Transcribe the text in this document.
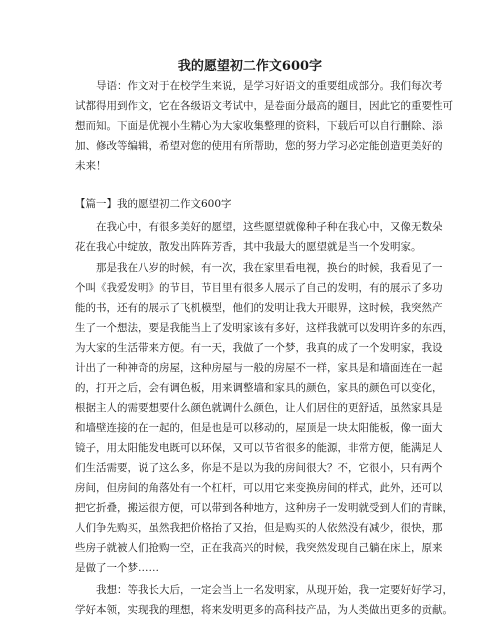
我的愿望初二作文600字
　　导语：作文对于在校学生来说，是学习好语文的重要组成部分。我们每次考
试都得用到作文，它在各级语文考试中，是卷面分最高的题目，因此它的重要性可
想而知。下面是优视小生精心为大家收集整理的资料，下载后可以自行删除、添
加、修改等编辑，希望对您的使用有所帮助，您的努力学习必定能创造更美好的
未来！
【篇一】我的愿望初二作文600字
　　在我心中，有很多美好的愿望，这些愿望就像种子种在我心中，又像无数朵
花在我心中绽放，散发出阵阵芳香，其中我最大的愿望就是当一个发明家。
　　那是我在八岁的时候，有一次，我在家里看电视，换台的时候，我看见了一
个叫《我爱发明》的节目，节目里有很多人展示了自己的发明，有的展示了多功
能的书，还有的展示了飞机模型，他们的发明让我大开眼界，这时候，我突然产
生了一个想法，要是我能当上了发明家该有多好，这样我就可以发明许多的东西，
为大家的生活带来方便。有一天，我做了一个梦，我真的成了一个发明家，我设
计出了一种神奇的房屋，这种房屋与一般的房屋不一样，家具是和墙面连在一起
的，打开之后，会有调色板，用来调整墙和家具的颜色，家具的颜色可以变化，
根据主人的需要想要什么颜色就调什么颜色，让人们居住的更舒适，虽然家具是
和墙壁连接的在一起的，但是也是可以移动的，屋顶是一块太阳能板，像一面大
镜子，用太阳能发电既可以环保，又可以节省很多的能源，非常方便，能满足人
们生活需要，说了这么多，你是不是以为我的房间很大？不，它很小，只有两个
房间，但房间的角落处有一个杠杆，可以用它来变换房间的样式，此外，还可以
把它折叠，搬运很方便，可以带到各种地方，这种房子一发明就受到人们的青睐，
人们争先购买，虽然我把价格抬了又抬，但是购买的人依然没有减少，很快，那
些房子就被人们抢购一空，正在我高兴的时候，我突然发现自己躺在床上，原来
是做了一个梦……
　　我想：等我长大后，一定会当上一名发明家，从现开始，我一定要好好学习，
学好本领，实现我的理想，将来发明更多的高科技产品，为人类做出更多的贡献。
